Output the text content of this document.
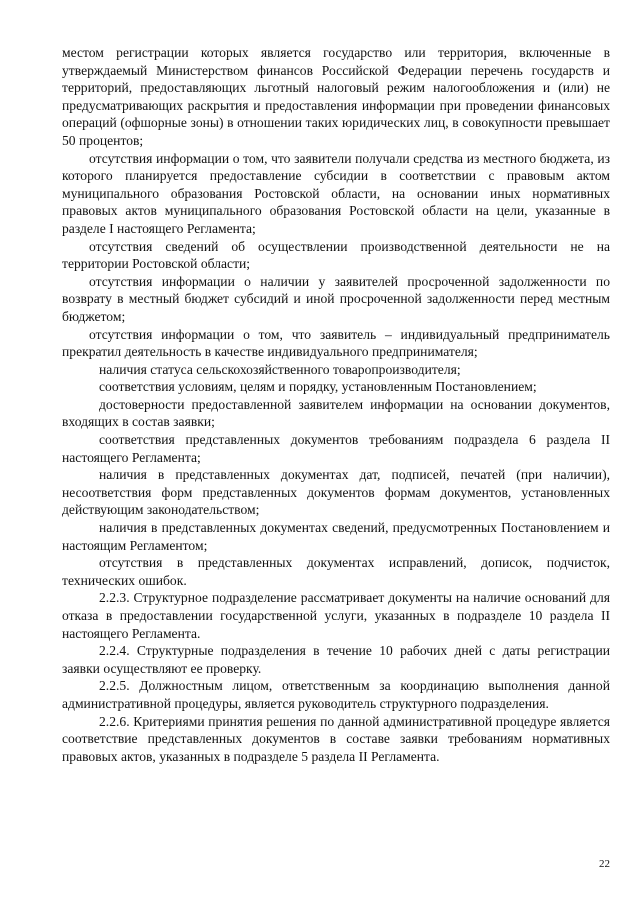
местом регистрации которых является государство или территория, включенные в утверждаемый Министерством финансов Российской Федерации перечень государств и территорий, предоставляющих льготный налоговый режим налогообложения и (или) не предусматривающих раскрытия и предоставления информации при проведении финансовых операций (офшорные зоны) в отношении таких юридических лиц, в совокупности превышает 50 процентов;

отсутствия информации о том, что заявители получали средства из местного бюджета, из которого планируется предоставление субсидии в соответствии с правовым актом муниципального образования Ростовской области, на основании иных нормативных правовых актов муниципального образования Ростовской области на цели, указанные в разделе I настоящего Регламента;

отсутствия сведений об осуществлении производственной деятельности не на территории Ростовской области;

отсутствия информации о наличии у заявителей просроченной задолженности по возврату в местный бюджет субсидий и иной просроченной задолженности перед местным бюджетом;

отсутствия информации о том, что заявитель – индивидуальный предприниматель прекратил деятельность в качестве индивидуального предпринимателя;

наличия статуса сельскохозяйственного товаропроизводителя;

соответствия условиям, целям и порядку, установленным Постановлением;

достоверности предоставленной заявителем информации на основании документов, входящих в состав заявки;

соответствия представленных документов требованиям подраздела 6 раздела II настоящего Регламента;

наличия в представленных документах дат, подписей, печатей (при наличии), несоответствия форм представленных документов формам документов, установленных действующим законодательством;

наличия в представленных документах сведений, предусмотренных Постановлением и настоящим Регламентом;

отсутствия в представленных документах исправлений, дописок, подчисток, технических ошибок.

2.2.3. Структурное подразделение рассматривает документы на наличие оснований для отказа в предоставлении государственной услуги, указанных в подразделе 10 раздела II настоящего Регламента.

2.2.4. Структурные подразделения в течение 10 рабочих дней с даты регистрации заявки осуществляют ее проверку.

2.2.5. Должностным лицом, ответственным за координацию выполнения данной административной процедуры, является руководитель структурного подразделения.

2.2.6. Критериями принятия решения по данной административной процедуре является соответствие представленных документов в составе заявки требованиям нормативных правовых актов, указанных в подразделе 5 раздела II Регламента.

22
